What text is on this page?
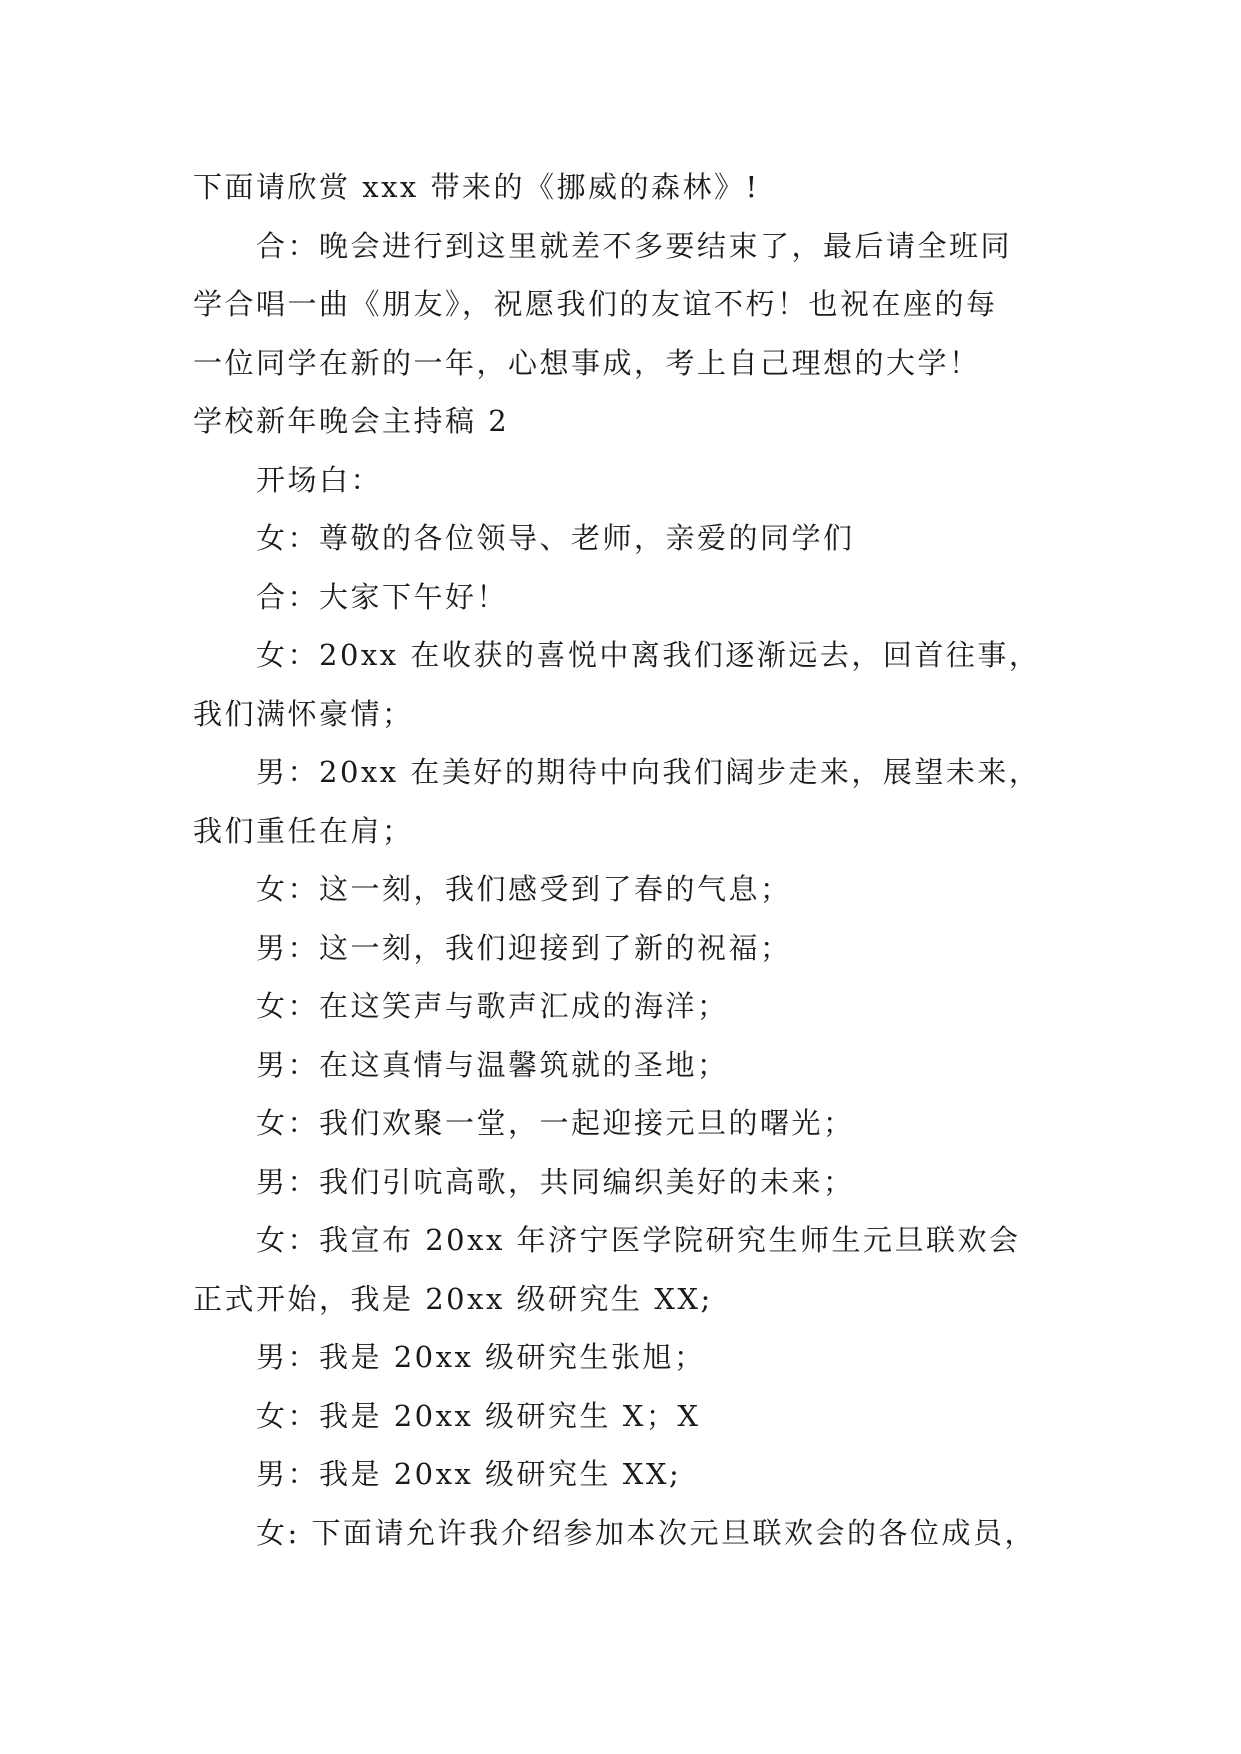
下面请欣赏 xxx 带来的《挪威的森林》!
合：晚会进行到这里就差不多要结束了，最后请全班同
学合唱一曲《朋友》，祝愿我们的友谊不朽！也祝在座的每
一位同学在新的一年，心想事成，考上自己理想的大学！
学校新年晚会主持稿 2
开场白：
女：尊敬的各位领导、老师，亲爱的同学们
合：大家下午好！
女：20xx 在收获的喜悦中离我们逐渐远去，回首往事，
我们满怀豪情；
男：20xx 在美好的期待中向我们阔步走来，展望未来，
我们重任在肩；
女：这一刻，我们感受到了春的气息；
男：这一刻，我们迎接到了新的祝福；
女：在这笑声与歌声汇成的海洋；
男：在这真情与温馨筑就的圣地；
女：我们欢聚一堂，一起迎接元旦的曙光；
男：我们引吭高歌，共同编织美好的未来；
女：我宣布 20xx 年济宁医学院研究生师生元旦联欢会
正式开始，我是 20xx 级研究生 XX;
男：我是 20xx 级研究生张旭；
女：我是 20xx 级研究生 X；X
男：我是 20xx 级研究生 XX;
女: 下面请允许我介绍参加本次元旦联欢会的各位成员，
